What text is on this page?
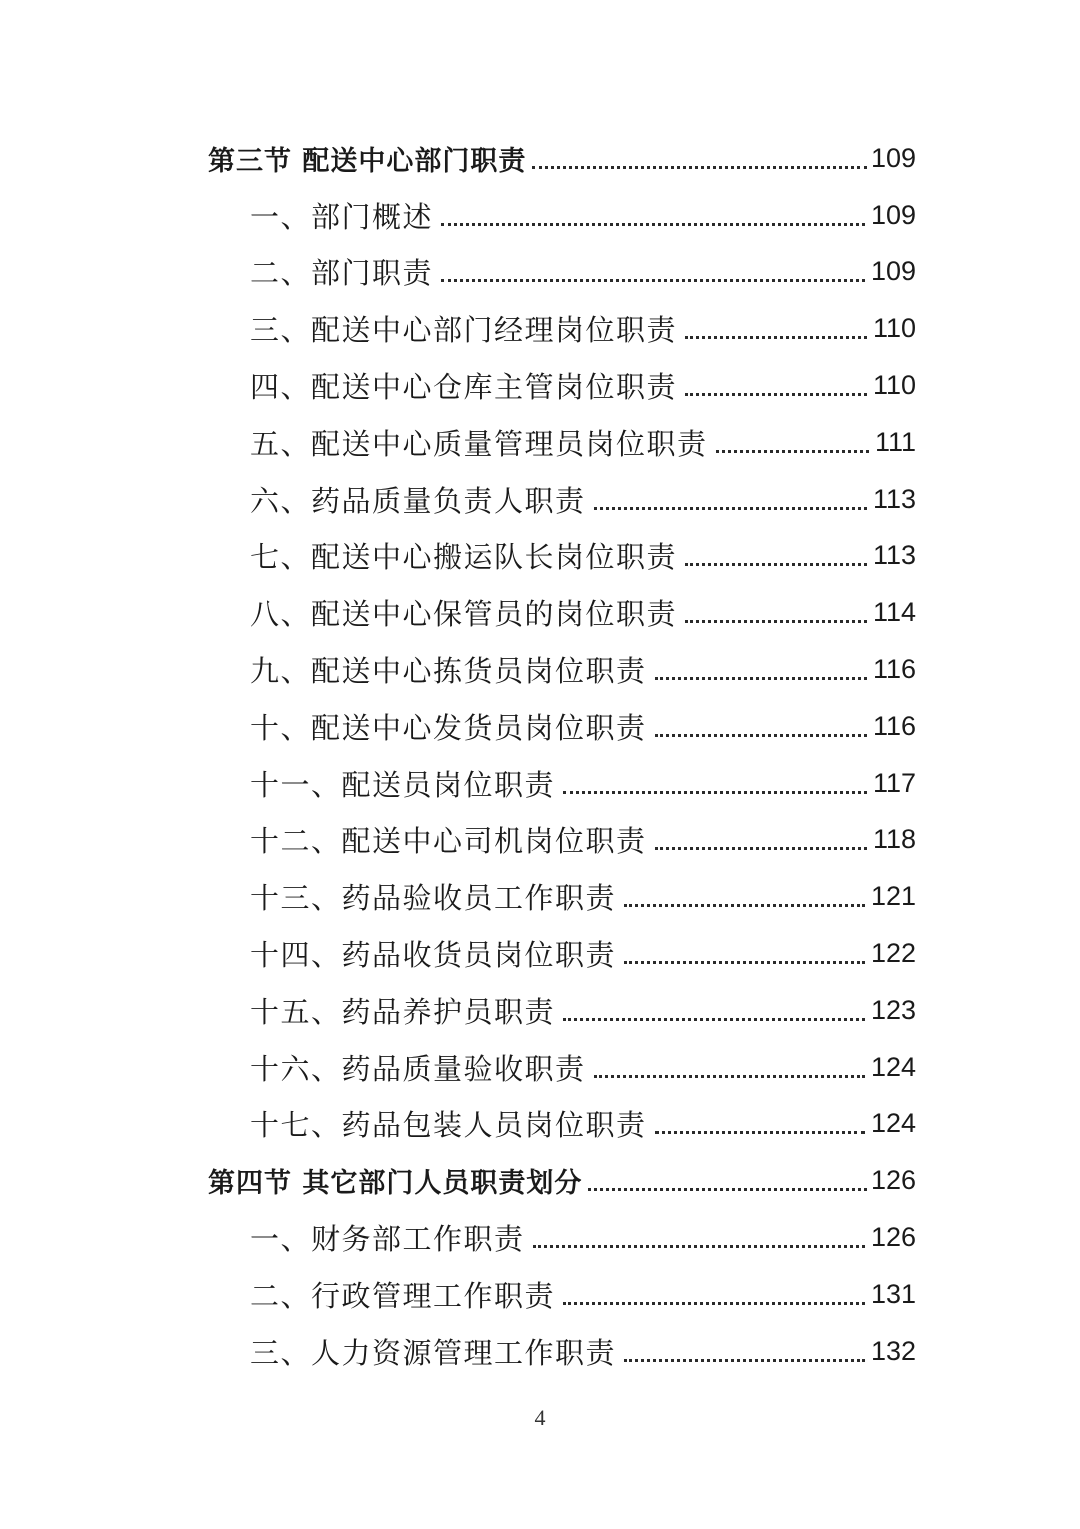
第三节 配送中心部门职责	109
一、部门概述	109
二、部门职责	109
三、配送中心部门经理岗位职责	110
四、配送中心仓库主管岗位职责	110
五、配送中心质量管理员岗位职责	111
六、药品质量负责人职责	113
七、配送中心搬运队长岗位职责	113
八、配送中心保管员的岗位职责	114
九、配送中心拣货员岗位职责	116
十、配送中心发货员岗位职责	116
十一、配送员岗位职责	117
十二、配送中心司机岗位职责	118
十三、药品验收员工作职责	121
十四、药品收货员岗位职责	122
十五、药品养护员职责	123
十六、药品质量验收职责	124
十七、药品包装人员岗位职责	124
第四节 其它部门人员职责划分	126
一、财务部工作职责	126
二、行政管理工作职责	131
三、人力资源管理工作职责	132
4
